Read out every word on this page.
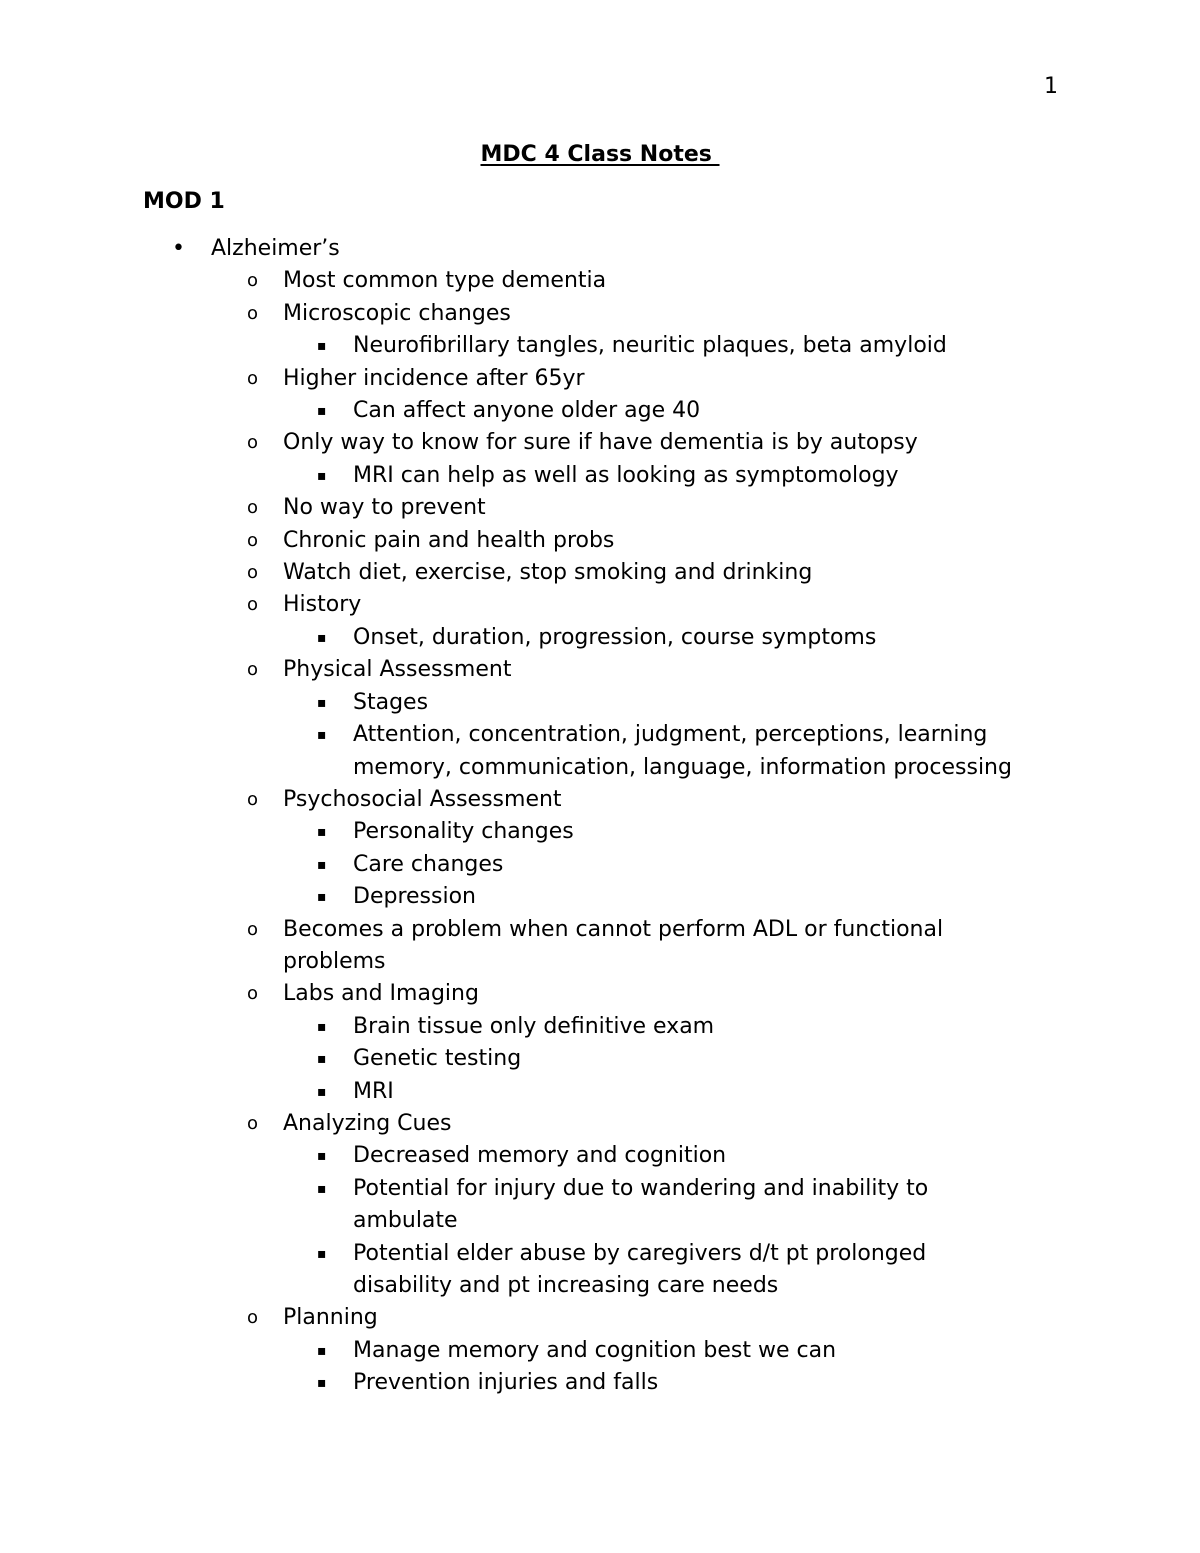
1
MDC 4 Class Notes
MOD 1
• Alzheimer’s
o Most common type dementia
o Microscopic changes
▪ Neurofibrillary tangles, neuritic plaques, beta amyloid
o Higher incidence after 65yr
▪ Can affect anyone older age 40
o Only way to know for sure if have dementia is by autopsy
▪ MRI can help as well as looking as symptomology
o No way to prevent
o Chronic pain and health probs
o Watch diet, exercise, stop smoking and drinking
o History
▪ Onset, duration, progression, course symptoms
o Physical Assessment
▪ Stages
▪ Attention, concentration, judgment, perceptions, learning
memory, communication, language, information processing
o Psychosocial Assessment
▪ Personality changes
▪ Care changes
▪ Depression
o Becomes a problem when cannot perform ADL or functional
problems
o Labs and Imaging
▪ Brain tissue only definitive exam
▪ Genetic testing
▪ MRI
o Analyzing Cues
▪ Decreased memory and cognition
▪ Potential for injury due to wandering and inability to
ambulate
▪ Potential elder abuse by caregivers d/t pt prolonged
disability and pt increasing care needs
o Planning
▪ Manage memory and cognition best we can
▪ Prevention injuries and falls
